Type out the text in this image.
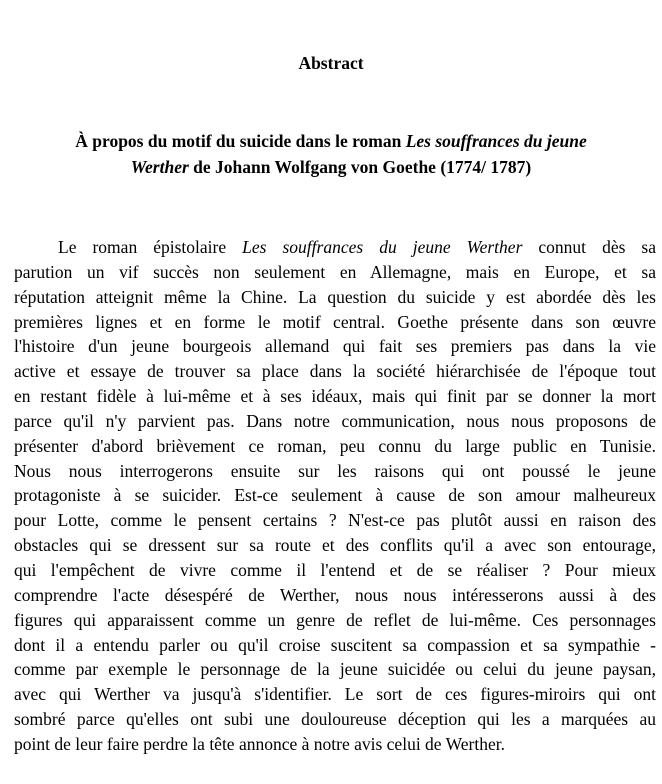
Abstract
À propos du motif du suicide dans le roman Les souffrances du jeune
Werther de Johann Wolfgang von Goethe (1774/ 1787)
Le roman épistolaire Les souffrances du jeune Werther connut dès sa
parution un vif succès non seulement en Allemagne, mais en Europe, et sa
réputation atteignit même la Chine. La question du suicide y est abordée dès les
premières lignes et en forme le motif central. Goethe présente dans son œuvre
l'histoire d'un jeune bourgeois allemand qui fait ses premiers pas dans la vie
active et essaye de trouver sa place dans la société hiérarchisée de l'époque tout
en restant fidèle à lui-même et à ses idéaux, mais qui finit par se donner la mort
parce qu'il n'y parvient pas. Dans notre communication, nous nous proposons de
présenter d'abord brièvement ce roman, peu connu du large public en Tunisie.
Nous nous interrogerons ensuite sur les raisons qui ont poussé le jeune
protagoniste à se suicider. Est-ce seulement à cause de son amour malheureux
pour Lotte, comme le pensent certains ? N'est-ce pas plutôt aussi en raison des
obstacles qui se dressent sur sa route et des conflits qu'il a avec son entourage,
qui l'empêchent de vivre comme il l'entend et de se réaliser ? Pour mieux
comprendre l'acte désespéré de Werther, nous nous intéresserons aussi à des
figures qui apparaissent comme un genre de reflet de lui-même. Ces personnages
dont il a entendu parler ou qu'il croise suscitent sa compassion et sa sympathie -
comme par exemple le personnage de la jeune suicidée ou celui du jeune paysan,
avec qui Werther va jusqu'à s'identifier. Le sort de ces figures-miroirs qui ont
sombré parce qu'elles ont subi une douloureuse déception qui les a marquées au
point de leur faire perdre la tête annonce à notre avis celui de Werther.
